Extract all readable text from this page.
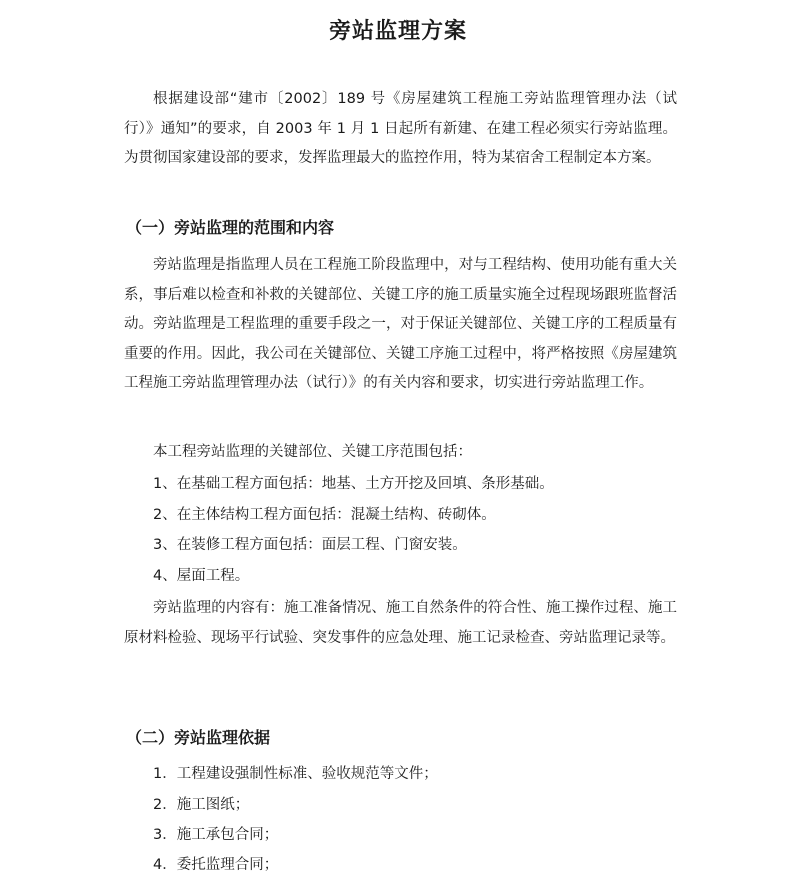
旁站监理方案

根据建设部“建市〔2002〕189 号《房屋建筑工程施工旁站监理管理办法（试行）》通知”的要求，自 2003 年 1 月 1 日起所有新建、在建工程必须实行旁站监理。为贯彻国家建设部的要求，发挥监理最大的监控作用，特为某宿舍工程制定本方案。

（一）旁站监理的范围和内容

旁站监理是指监理人员在工程施工阶段监理中，对与工程结构、使用功能有重大关系，事后难以检查和补救的关键部位、关键工序的施工质量实施全过程现场跟班监督活动。旁站监理是工程监理的重要手段之一，对于保证关键部位、关键工序的工程质量有重要的作用。因此，我公司在关键部位、关键工序施工过程中，将严格按照《房屋建筑工程施工旁站监理管理办法（试行）》的有关内容和要求，切实进行旁站监理工作。

本工程旁站监理的关键部位、关键工序范围包括：
1、在基础工程方面包括：地基、土方开挖及回填、条形基础。
2、在主体结构工程方面包括：混凝土结构、砖砌体。
3、在装修工程方面包括：面层工程、门窗安装。
4、屋面工程。

旁站监理的内容有：施工准备情况、施工自然条件的符合性、施工操作过程、施工原材料检验、现场平行试验、突发事件的应急处理、施工记录检查、旁站监理记录等。

（二）旁站监理依据
1．工程建设强制性标准、验收规范等文件；
2．施工图纸；
3．施工承包合同；
4．委托监理合同；
